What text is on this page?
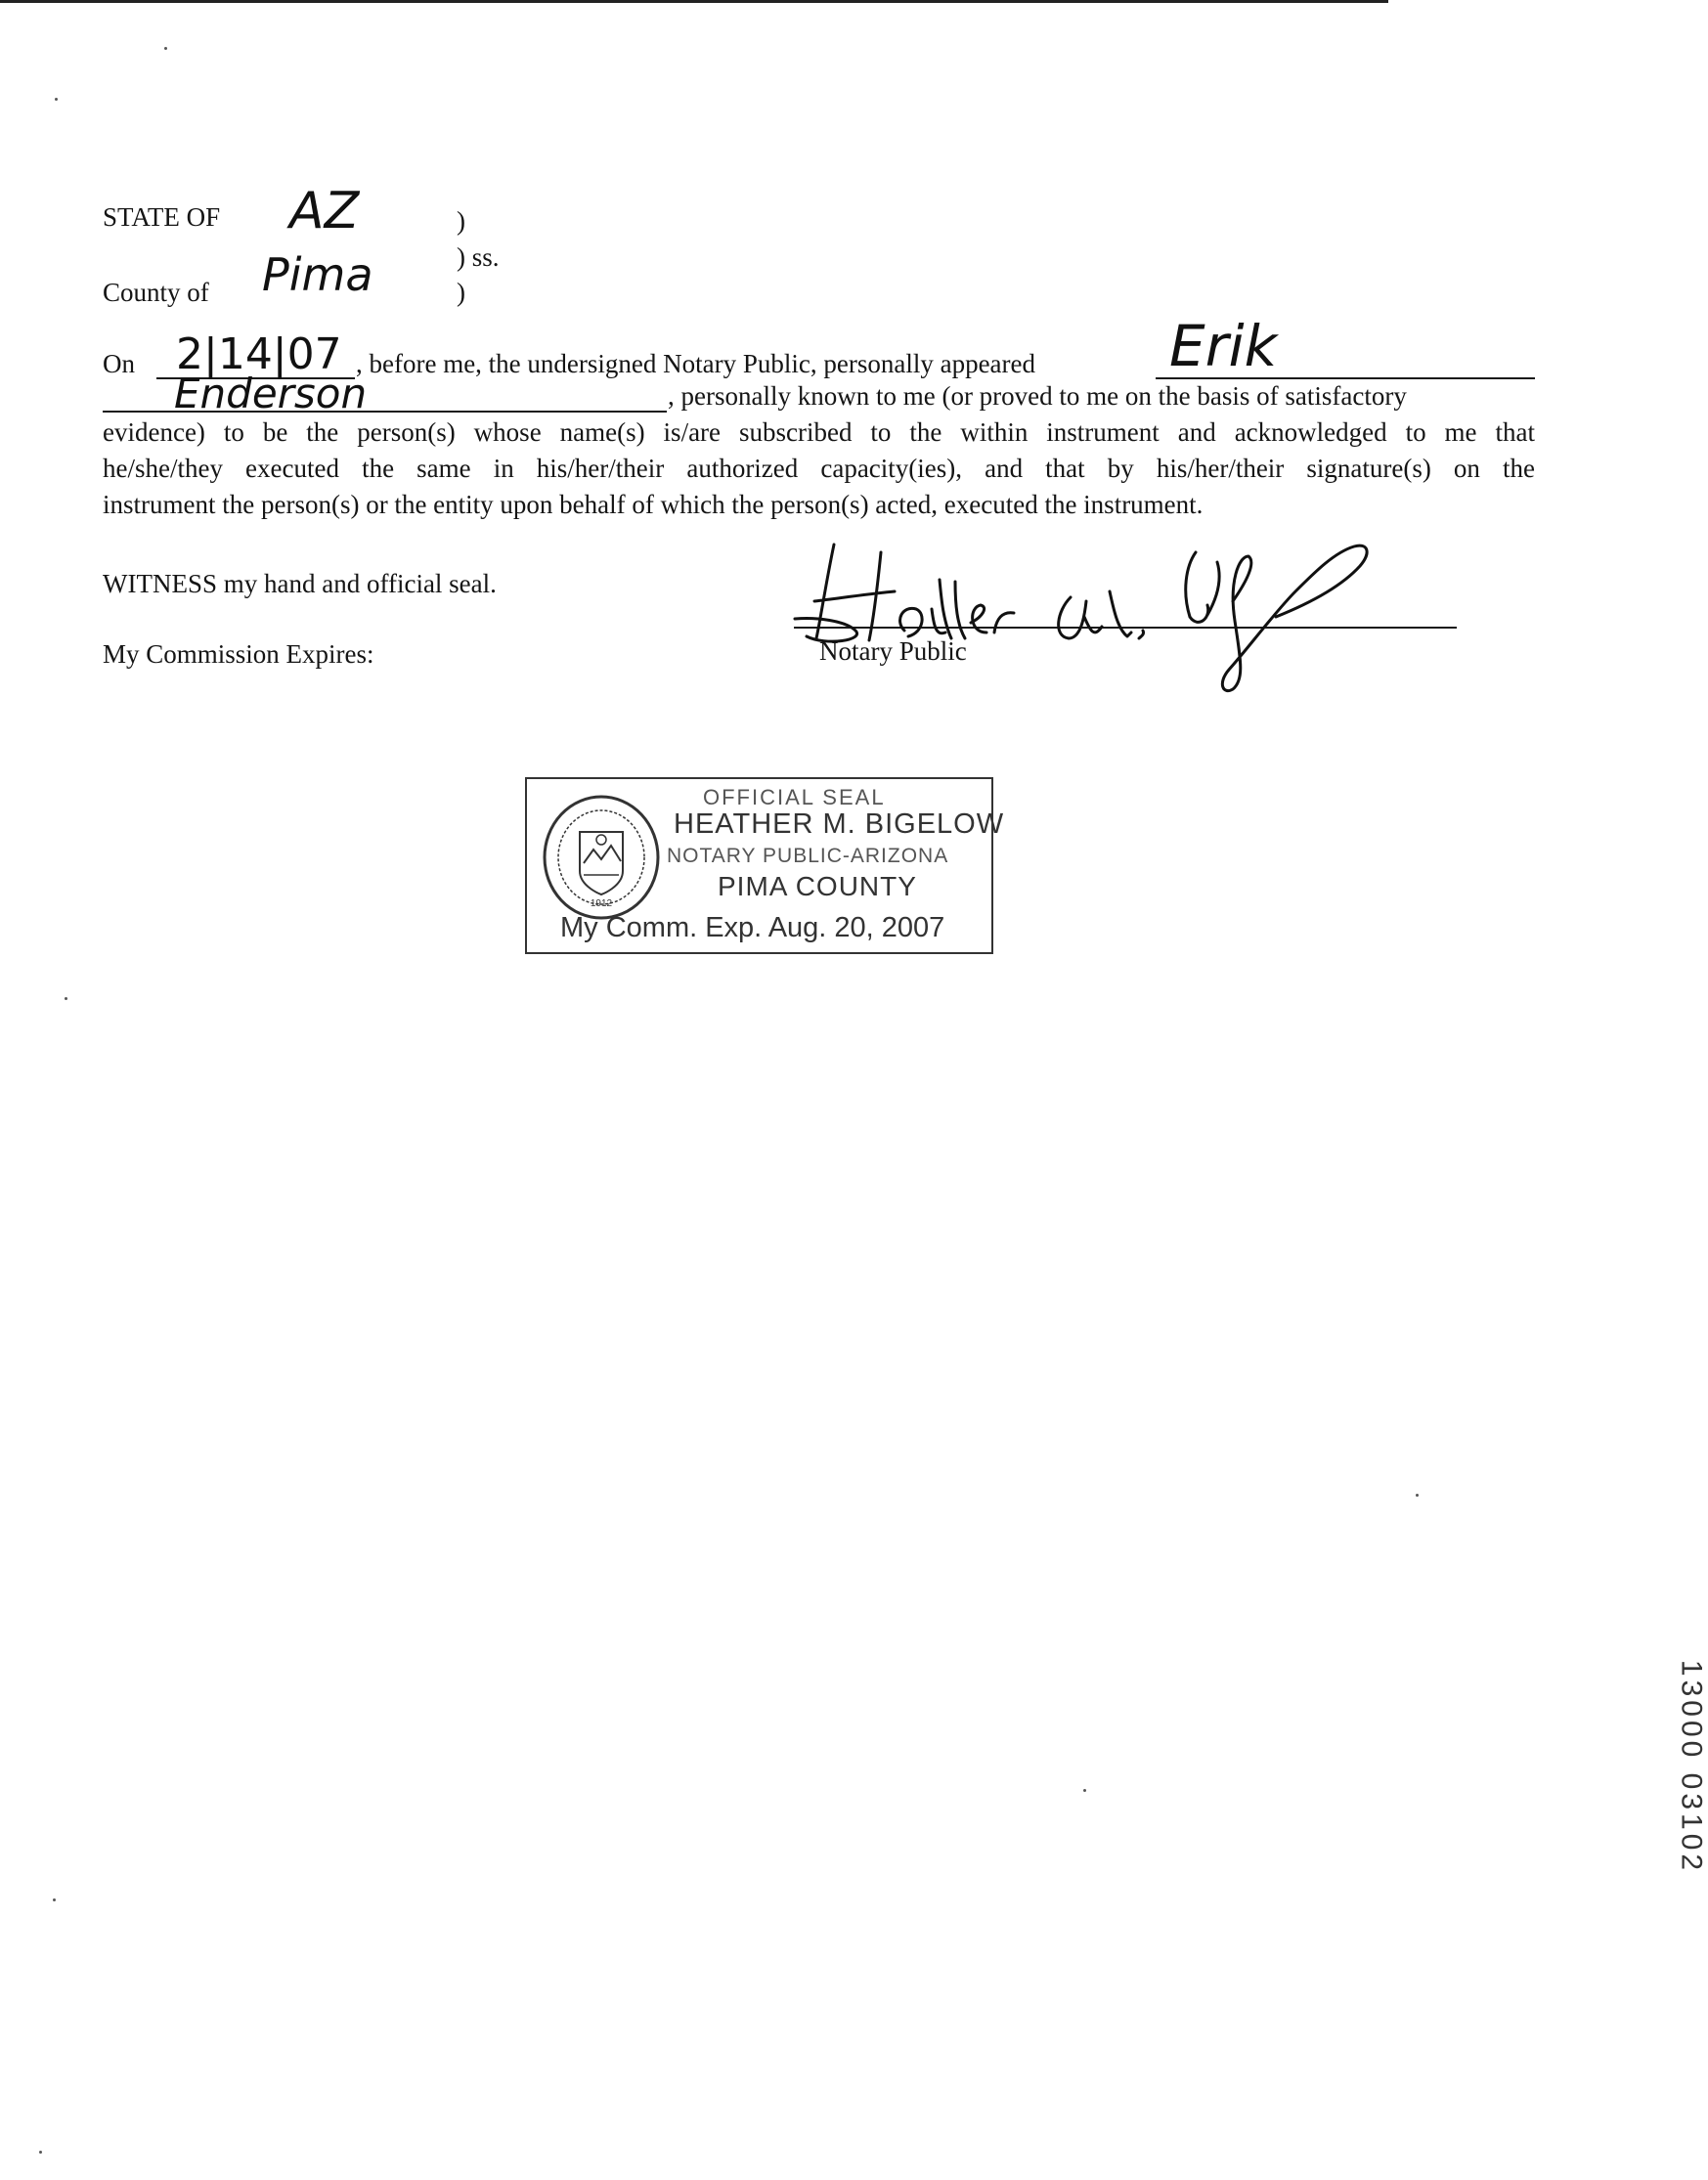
STATE OF AZ	)
) ss.
County of Pima	)
On 2|14|07 , before me, the undersigned Notary Public, personally appeared Erik
Enderson	, personally known to me (or proved to me on the basis of satisfactory
evidence) to be the person(s) whose name(s) is/are subscribed to the within instrument and acknowledged to me that
he/she/they executed the same in his/her/their authorized capacity(ies), and that by his/her/their signature(s) on the
instrument the person(s) or the entity upon behalf of which the person(s) acted, executed the instrument.
WITNESS my hand and official seal.
My Commission Expires:	Notary Public
1912
OFFICIAL SEAL
HEATHER M. BIGELOW
NOTARY PUBLIC-ARIZONA
PIMA COUNTY
My Comm. Exp. Aug. 20, 2007
13000 03102
